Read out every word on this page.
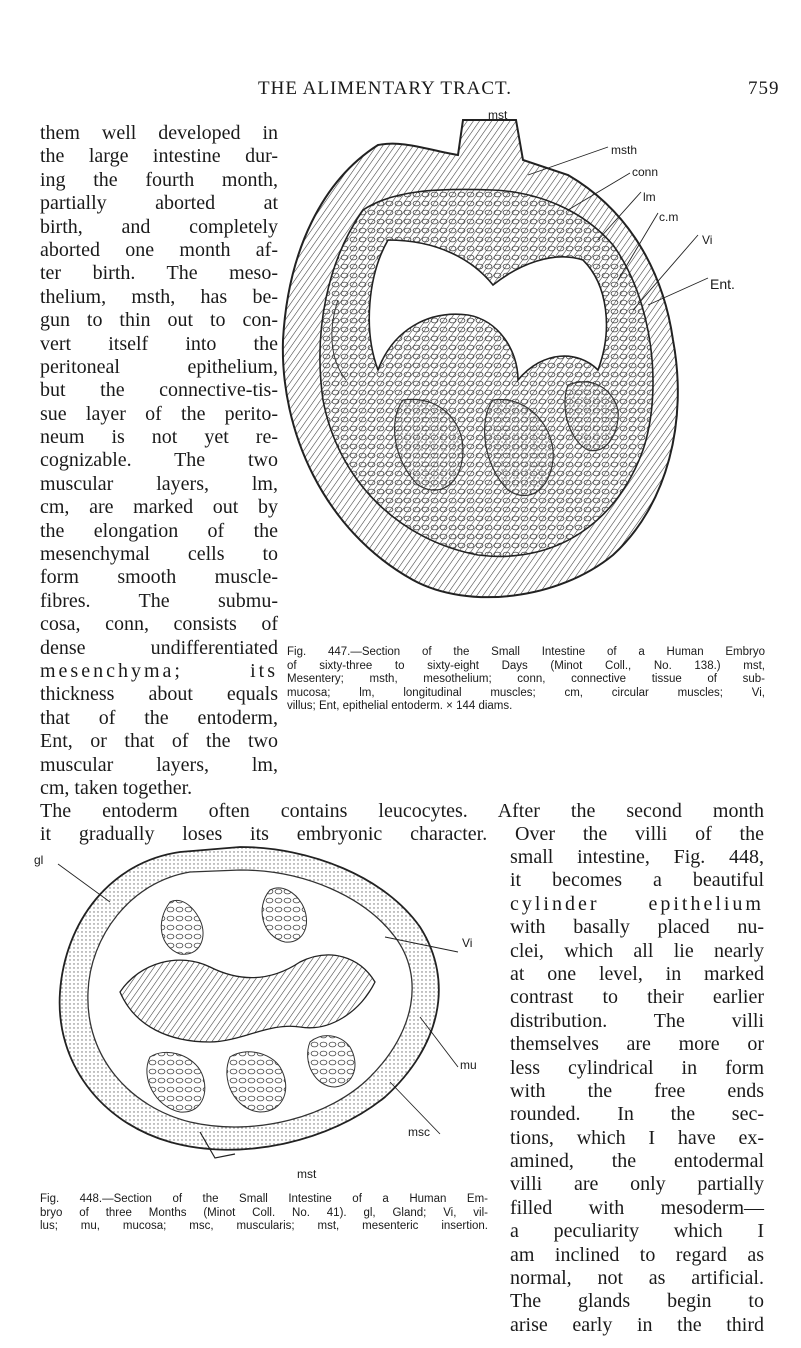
THE ALIMENTARY TRACT.	759
them well developed in
the large intestine dur-
ing the fourth month,
partially aborted at
birth, and completely
aborted one month af-
ter birth. The meso-
thelium, msth, has be-
gun to thin out to con-
vert itself into the
peritoneal epithelium,
but the connective-tis-
sue layer of the perito-
neum is not yet re-
cognizable. The two
muscular layers, lm,
cm, are marked out by
the elongation of the
mesenchymal cells to
form smooth muscle-
fibres. The submu-
cosa, conn, consists of
dense undifferentiated
mesenchyma; its
thickness about equals
that of the entoderm,
Ent, or that of the two
muscular layers, lm,
cm, taken together.
mst
msth
conn
lm
c.m
Vi
Ent.
Fig. 447.—Section of the Small Intestine of a Human Embryo
of sixty-three to sixty-eight Days (Minot Coll., No. 138.) mst,
Mesentery; msth, mesothelium; conn, connective tissue of sub-
mucosa; lm, longitudinal muscles; cm, circular muscles; Vi,
villus; Ent, epithelial entoderm. × 144 diams.
The entoderm often contains leucocytes. After the second month
it gradually loses its embryonic character. Over the villi of the
gl
Vi
mu
msc
mst
Fig. 448.—Section of the Small Intestine of a Human Em-
bryo of three Months (Minot Coll. No. 41). gl, Gland; Vi, vil-
lus; mu, mucosa; msc, muscularis; mst, mesenteric insertion.
small intestine, Fig. 448,
it becomes a beautiful
cylinder epithelium
with basally placed nu-
clei, which all lie nearly
at one level, in marked
contrast to their earlier
distribution. The villi
themselves are more or
less cylindrical in form
with the free ends
rounded. In the sec-
tions, which I have ex-
amined, the entodermal
villi are only partially
filled with mesoderm—
a peculiarity which I
am inclined to regard as
normal, not as artificial.
The glands begin to
arise early in the third
